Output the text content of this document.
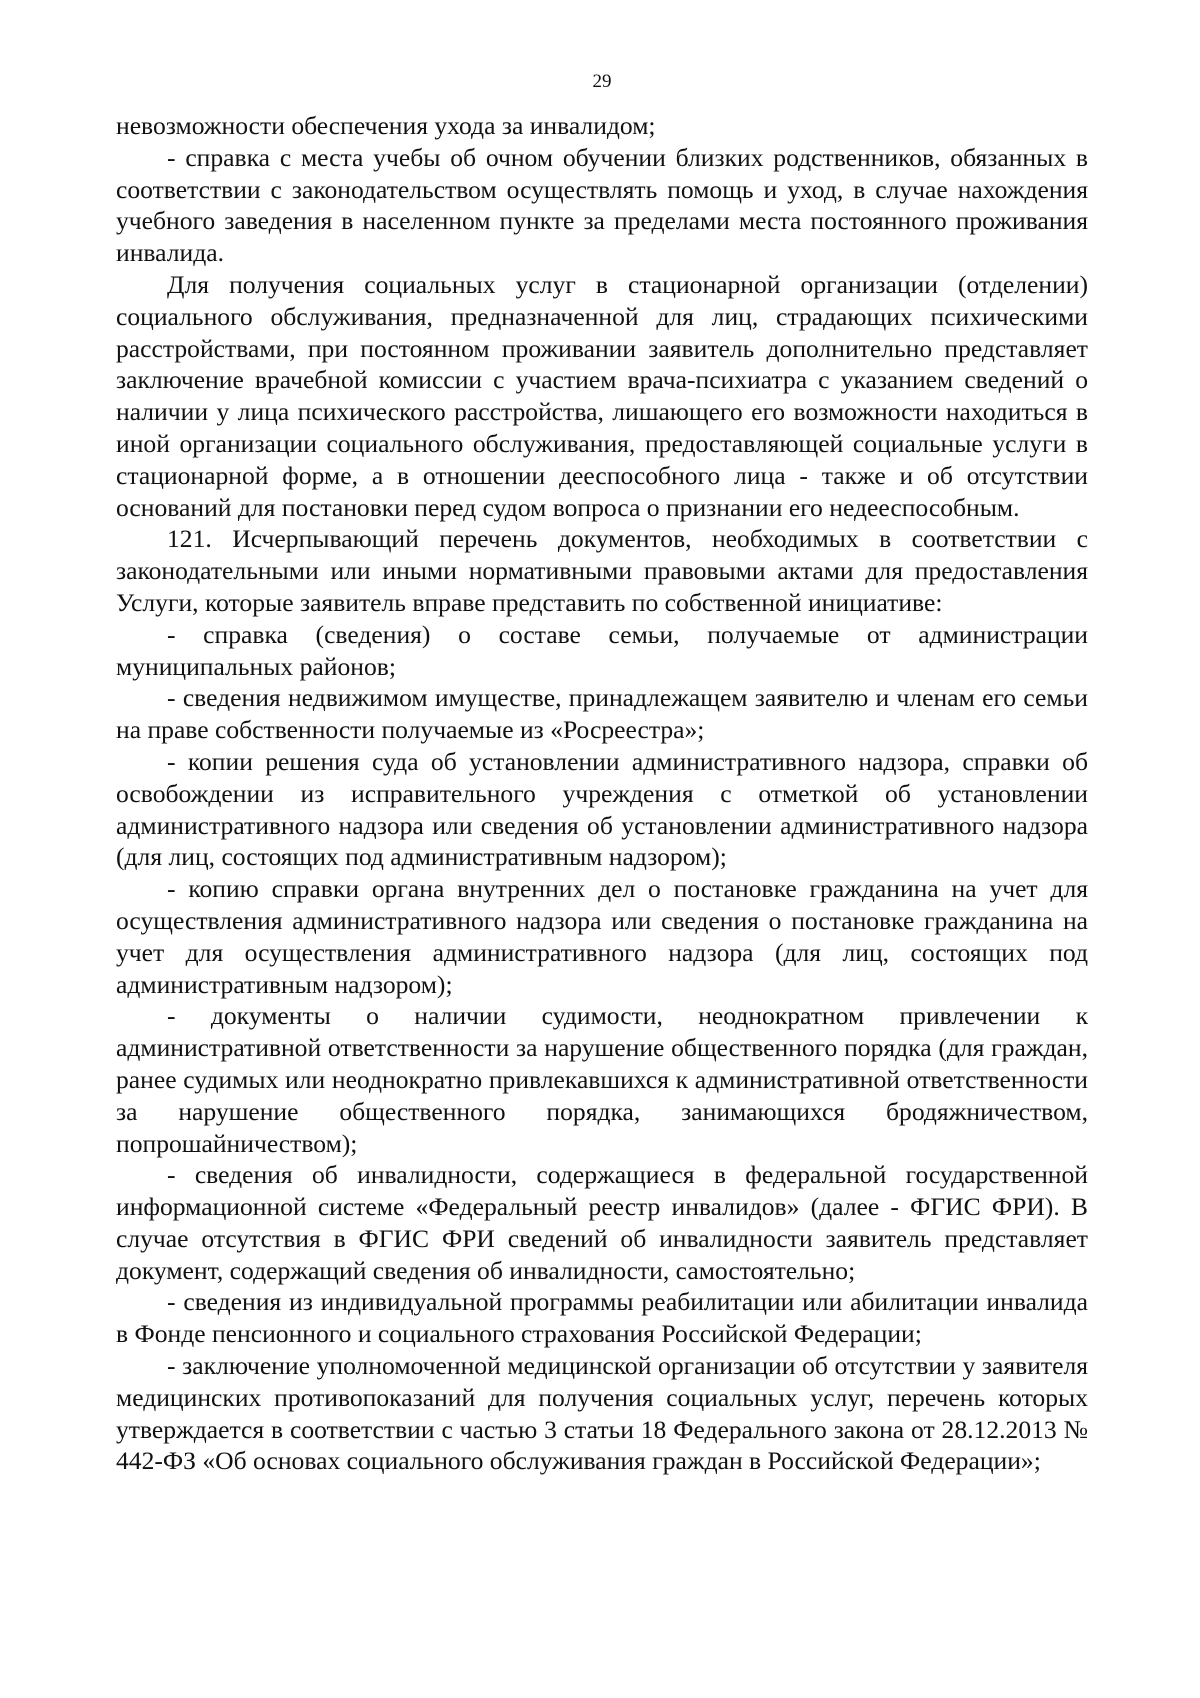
29

невозможности обеспечения ухода за инвалидом;

- справка с места учебы об очном обучении близких родственников, обязанных в соответствии с законодательством осуществлять помощь и уход, в случае нахождения учебного заведения в населенном пункте за пределами места постоянного проживания инвалида.

Для получения социальных услуг в стационарной организации (отделении) социального обслуживания, предназначенной для лиц, страдающих психическими расстройствами, при постоянном проживании заявитель дополнительно представляет заключение врачебной комиссии с участием врача-психиатра с указанием сведений о наличии у лица психического расстройства, лишающего его возможности находиться в иной организации социального обслуживания, предоставляющей социальные услуги в стационарной форме, а в отношении дееспособного лица - также и об отсутствии оснований для постановки перед судом вопроса о признании его недееспособным.

121. Исчерпывающий перечень документов, необходимых в соответствии с законодательными или иными нормативными правовыми актами для предоставления Услуги, которые заявитель вправе представить по собственной инициативе:

- справка (сведения) о составе семьи, получаемые от администрации муниципальных районов;

- сведения недвижимом имуществе, принадлежащем заявителю и членам его семьи на праве собственности получаемые из «Росреестра»;

- копии решения суда об установлении административного надзора, справки об освобождении из исправительного учреждения с отметкой об установлении административного надзора или сведения об установлении административного надзора (для лиц, состоящих под административным надзором);

- копию справки органа внутренних дел о постановке гражданина на учет для осуществления административного надзора или сведения о постановке гражданина на учет для осуществления административного надзора (для лиц, состоящих под административным надзором);

- документы о наличии судимости, неоднократном привлечении к административной ответственности за нарушение общественного порядка (для граждан, ранее судимых или неоднократно привлекавшихся к административной ответственности за нарушение общественного порядка, занимающихся бродяжничеством, попрошайничеством);

- сведения об инвалидности, содержащиеся в федеральной государственной информационной системе «Федеральный реестр инвалидов» (далее - ФГИС ФРИ). В случае отсутствия в ФГИС ФРИ сведений об инвалидности заявитель представляет документ, содержащий сведения об инвалидности, самостоятельно;

- сведения из индивидуальной программы реабилитации или абилитации инвалида в Фонде пенсионного и социального страхования Российской Федерации;

- заключение уполномоченной медицинской организации об отсутствии у заявителя медицинских противопоказаний для получения социальных услуг, перечень которых утверждается в соответствии с частью 3 статьи 18 Федерального закона от 28.12.2013 № 442-ФЗ «Об основах социального обслуживания граждан в Российской Федерации»;
